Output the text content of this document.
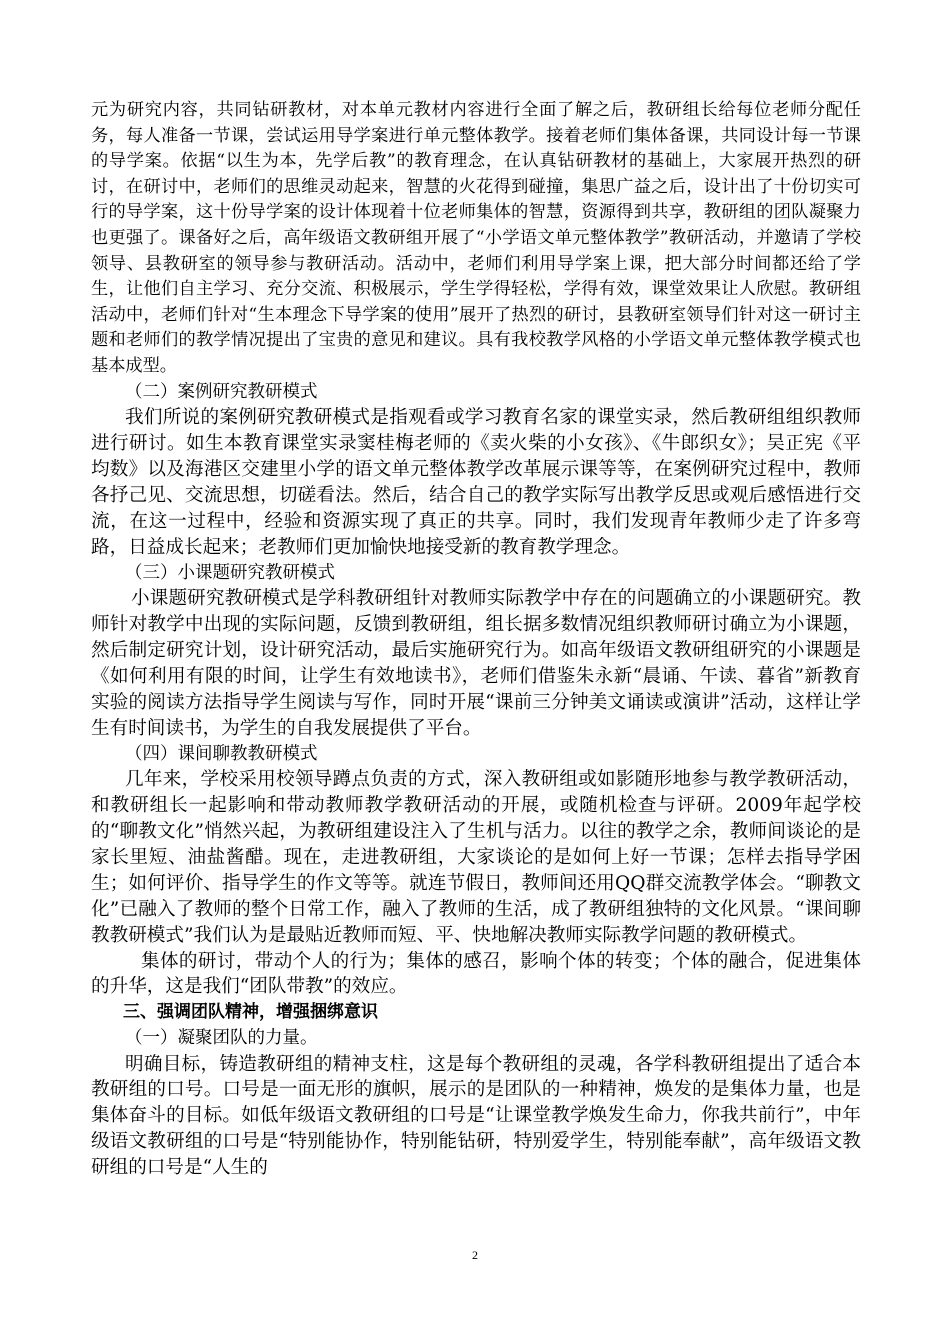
元为研究内容，共同钻研教材，对本单元教材内容进行全面了解之后，教研组长给每位老师分配任务，每人准备一节课，尝试运用导学案进行单元整体教学。接着老师们集体备课，共同设计每一节课的导学案。依据“以生为本，先学后教”的教育理念，在认真钻研教材的基础上，大家展开热烈的研讨，在研讨中，老师们的思维灵动起来，智慧的火花得到碰撞，集思广益之后，设计出了十份切实可行的导学案，这十份导学案的设计体现着十位老师集体的智慧，资源得到共享，教研组的团队凝聚力也更强了。课备好之后，高年级语文教研组开展了“小学语文单元整体教学”教研活动，并邀请了学校领导、县教研室的领导参与教研活动。活动中，老师们利用导学案上课，把大部分时间都还给了学生，让他们自主学习、充分交流、积极展示，学生学得轻松，学得有效，课堂效果让人欣慰。教研组活动中，老师们针对“生本理念下导学案的使用”展开了热烈的研讨，县教研室领导们针对这一研讨主题和老师们的教学情况提出了宝贵的意见和建议。具有我校教学风格的小学语文单元整体教学模式也基本成型。

（二）案例研究教研模式

我们所说的案例研究教研模式是指观看或学习教育名家的课堂实录，然后教研组组织教师进行研讨。如生本教育课堂实录窦桂梅老师的《卖火柴的小女孩》、《牛郎织女》；吴正宪《平均数》以及海港区交建里小学的语文单元整体教学改革展示课等等，在案例研究过程中，教师各抒己见、交流思想，切磋看法。然后，结合自己的教学实际写出教学反思或观后感悟进行交流，在这一过程中，经验和资源实现了真正的共享。同时，我们发现青年教师少走了许多弯路，日益成长起来；老教师们更加愉快地接受新的教育教学理念。

（三）小课题研究教研模式

小课题研究教研模式是学科教研组针对教师实际教学中存在的问题确立的小课题研究。教师针对教学中出现的实际问题，反馈到教研组，组长据多数情况组织教师研讨确立为小课题，然后制定研究计划，设计研究活动，最后实施研究行为。如高年级语文教研组研究的小课题是《如何利用有限的时间，让学生有效地读书》，老师们借鉴朱永新“晨诵、午读、暮省”新教育实验的阅读方法指导学生阅读与写作，同时开展“课前三分钟美文诵读或演讲”活动，这样让学生有时间读书，为学生的自我发展提供了平台。

（四）课间聊教教研模式

几年来，学校采用校领导蹲点负责的方式，深入教研组或如影随形地参与教学教研活动，和教研组长一起影响和带动教师教学教研活动的开展，或随机检查与评研。2009年起学校的“聊教文化”悄然兴起，为教研组建设注入了生机与活力。以往的教学之余，教师间谈论的是家长里短、油盐酱醋。现在，走进教研组，大家谈论的是如何上好一节课；怎样去指导学困生；如何评价、指导学生的作文等等。就连节假日，教师间还用QQ群交流教学体会。“聊教文化”已融入了教师的整个日常工作，融入了教师的生活，成了教研组独特的文化风景。“课间聊教教研模式”我们认为是最贴近教师而短、平、快地解决教师实际教学问题的教研模式。

集体的研讨，带动个人的行为；集体的感召，影响个体的转变；个体的融合，促进集体的升华，这是我们“团队带教”的效应。

三、强调团队精神，增强捆绑意识

（一）凝聚团队的力量。

明确目标，铸造教研组的精神支柱，这是每个教研组的灵魂，各学科教研组提出了适合本教研组的口号。口号是一面无形的旗帜，展示的是团队的一种精神，焕发的是集体力量，也是集体奋斗的目标。如低年级语文教研组的口号是“让课堂教学焕发生命力，你我共前行”，中年级语文教研组的口号是“特别能协作，特别能钻研，特别爱学生，特别能奉献”，高年级语文教研组的口号是“人生的

2
